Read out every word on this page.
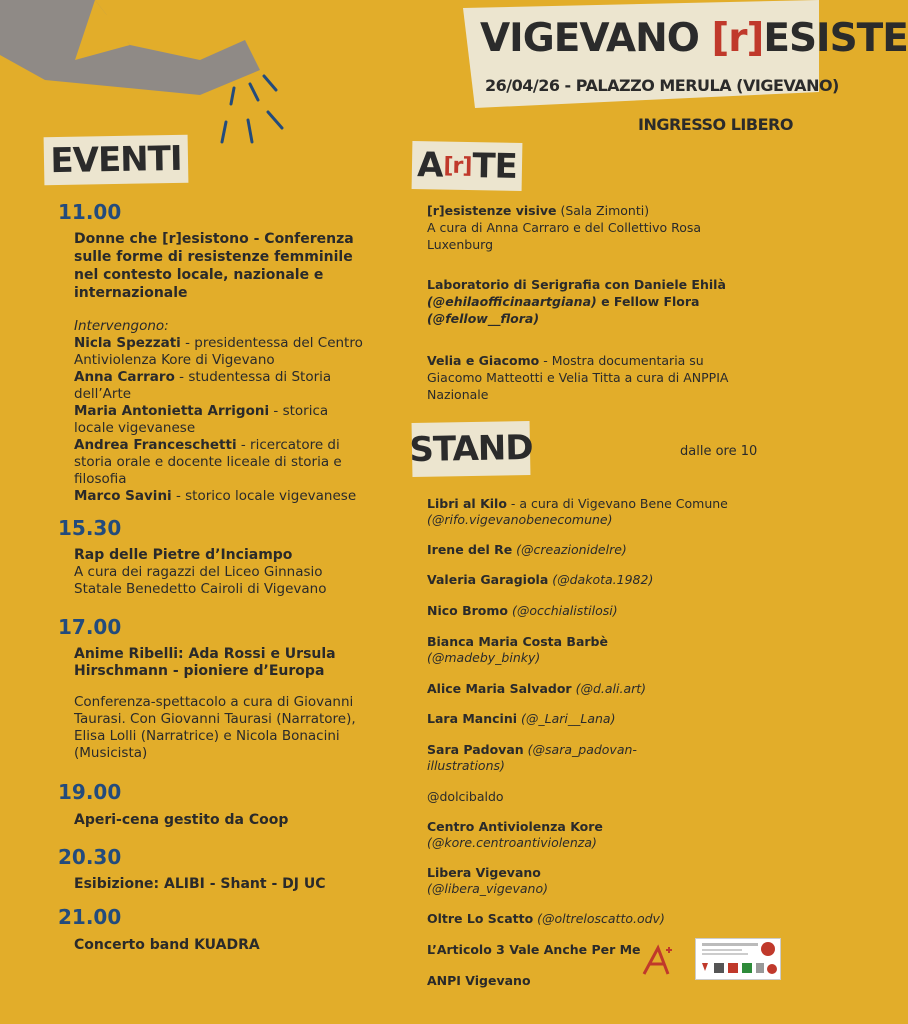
VIGEVANO [r]ESISTE
26/04/26 - PALAZZO MERULA (VIGEVANO)
INGRESSO LIBERO
EVENTI	A [r] TE
STAND	dalle ore 10
11.00
Donne che [r]esistono - Conferenza sulle forme di resistenze femminile nel contesto locale, nazionale e internazionale
Intervengono:
Nicla Spezzati - presidentessa del Centro Antiviolenza Kore di Vigevano
Anna Carraro - studentessa di Storia dell’Arte
Maria Antonietta Arrigoni - storica locale vigevanese
Andrea Franceschetti - ricercatore di storia orale e docente liceale di storia e filosofia
Marco Savini - storico locale vigevanese
15.30
Rap delle Pietre d’Inciampo
A cura dei ragazzi del Liceo Ginnasio Statale Benedetto Cairoli di Vigevano
17.00
Anime Ribelli: Ada Rossi e Ursula Hirschmann - pioniere d’Europa
Conferenza-spettacolo a cura di Giovanni Taurasi. Con Giovanni Taurasi (Narratore), Elisa Lolli (Narratrice) e Nicola Bonacini (Musicista)
19.00
Aperi-cena gestito da Coop
20.30
Esibizione: ALIBI - Shant - DJ UC
21.00
Concerto band KUADRA
[r]esistenze visive (Sala Zimonti)
A cura di Anna Carraro e del Collettivo Rosa Luxenburg
Laboratorio di Serigrafia con Daniele Ehilà
(@ehilaofficinaartgiana) e Fellow Flora
(@fellow__flora)
Velia e Giacomo - Mostra documentaria su Giacomo Matteotti e Velia Titta a cura di ANPPIA Nazionale
Libri al Kilo - a cura di Vigevano Bene Comune (@rifo.vigevanobenecomune)
Irene del Re (@creazionidelre)
Valeria Garagiola (@dakota.1982)
Nico Bromo (@occhialistilosi)
Bianca Maria Costa Barbè (@madeby_binky)
Alice Maria Salvador (@d.ali.art)
Lara Mancini (@_Lari__Lana)
Sara Padovan (@sara_padovan-illustrations)
@dolcibaldo
Centro Antiviolenza Kore (@kore.centroantiviolenza)
Libera Vigevano (@libera_vigevano)
Oltre Lo Scatto (@oltreloscatto.odv)
L’Articolo 3 Vale Anche Per Me
ANPI Vigevano
